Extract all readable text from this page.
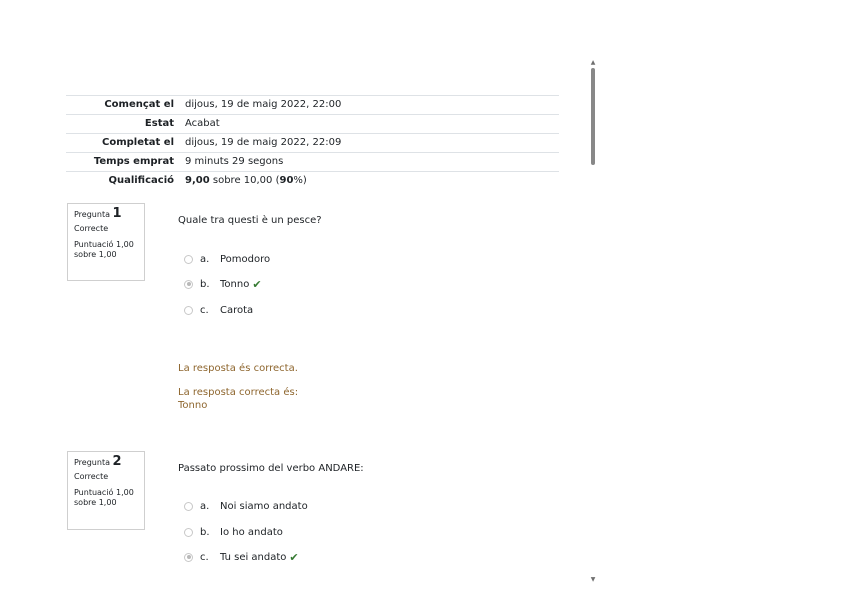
Començat el	dijous, 19 de maig 2022, 22:00
Estat	Acabat
Completat el	dijous, 19 de maig 2022, 22:09
Temps emprat	9 minuts 29 segons
Qualificació	9,00 sobre 10,00 (90%)
Pregunta 1
Correcte
Puntuació 1,00
sobre 1,00
Quale tra questi è un pesce?
a.	Pomodoro
b.	Tonno ✔
c.	Carota
La resposta és correcta.
La resposta correcta és:
Tonno
Pregunta 2
Correcte
Puntuació 1,00
sobre 1,00
Passato prossimo del verbo ANDARE:
a.	Noi siamo andato
b.	Io ho andato
c.	Tu sei andato ✔
▲
▼
